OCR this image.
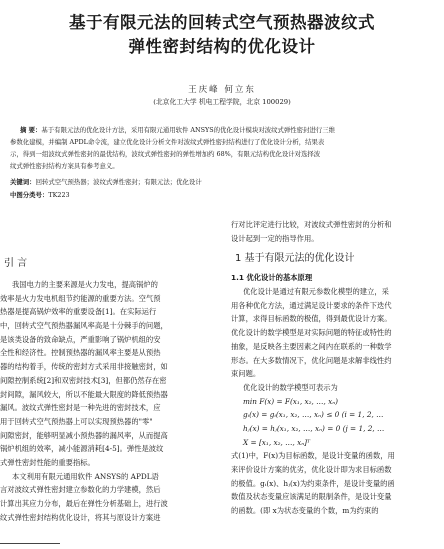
基于有限元法的回转式空气预热器波纹式
弹性密封结构的优化设计
王庆峰 何立东
(北京化工大学 机电工程学院，北京 100029)
摘 要：基于有限元法的优化设计方法，采用有限元通用软件 ANSYS的优化设计模块对波纹式弹性密封进行三维
参数化建模，并编制 APDL命令流，建立优化设计分析文件对波纹式弹性密封结构进行了优化设计分析，结果表
示，得到一组波纹式弹性密封的最优结构，波纹式弹性密封的弹性增加约 68%，有限元结构优化设计对选择波
纹式弹性密封结构方案具有参考意义。
关键词：回转式空气预热器；波纹式弹性密封；有限元法；优化设计
中图分类号：TK223
引 言
我国电力的主要来源是火力发电，提高锅炉的
效率是火力发电机组节约能源的重要方法。空气预
热器是提高锅炉效率的重要设备[1]。在实际运行
中，回转式空气预热器漏风率高是十分棘手的问题，
是该类设备的致命缺点，严重影响了锅炉机组的安
全性和经济性。控制预热器的漏风率主要是从预热
器的结构着手，传统的密封方式采用非接触密封，如
间隙控制系统[2]和双密封技术[3]，但都仍然存在密
封间隙，漏风较大，所以不能最大限度的降低预热器
漏风。波纹式弹性密封是一种先进的密封技术，应
用于回转式空气预热器上可以实现预热器的"零"
间隙密封，能够明显减小预热器的漏风率，从而提高
锅炉机组的效率，减小能源消耗[4-5]。弹性是波纹
式弹性密封性能的重要指标。
本文利用有限元通用软件 ANSYS的 APDL语
言对波纹式弹性密封建立参数化的力学建模，然后
计算出其应力分布，最后在弹性分析基础上，进行波
纹式弹性密封结构优化设计，将其与原设计方案进
行对比评定进行比较，对波纹式弹性密封的分析和
设计起到一定的指导作用。
1 基于有限元法的优化设计
1.1 优化设计的基本原理
优化设计是通过有限元参数化模型的建立，采
用各种优化方法，通过满足设计要求的条件下迭代
计算，求得目标函数的极值，得到最优设计方案。
优化设计的数学模型是对实际问题的特征或特性的
抽象，是反映各主要因素之间内在联系的一种数学
形态。在大多数情况下，优化问题是求解非线性约
束问题。
优化设计的数学模型可表示为
min F(x) = F(x₁, x₂, …, xₙ)
gᵢ(x) = gᵢ(x₁, x₂, …, xₙ) ≤ 0 (i = 1, 2, …
hⱼ(x) = hⱼ(x₁, x₂, …, xₙ) = 0 (j = 1, 2, …
X = [x₁, x₂, …, xₙ]ᵀ
式(1)中，F(x)为目标函数，是设计变量的函数，用
来评价设计方案的优劣，优化设计即为求目标函数
的极值。gᵢ(x)、hⱼ(x)为约束条件，是设计变量的函
数值及状态变量应该满足的限制条件，是设计变量
的函数。(即 x为状态变量的个数，m为约束的
